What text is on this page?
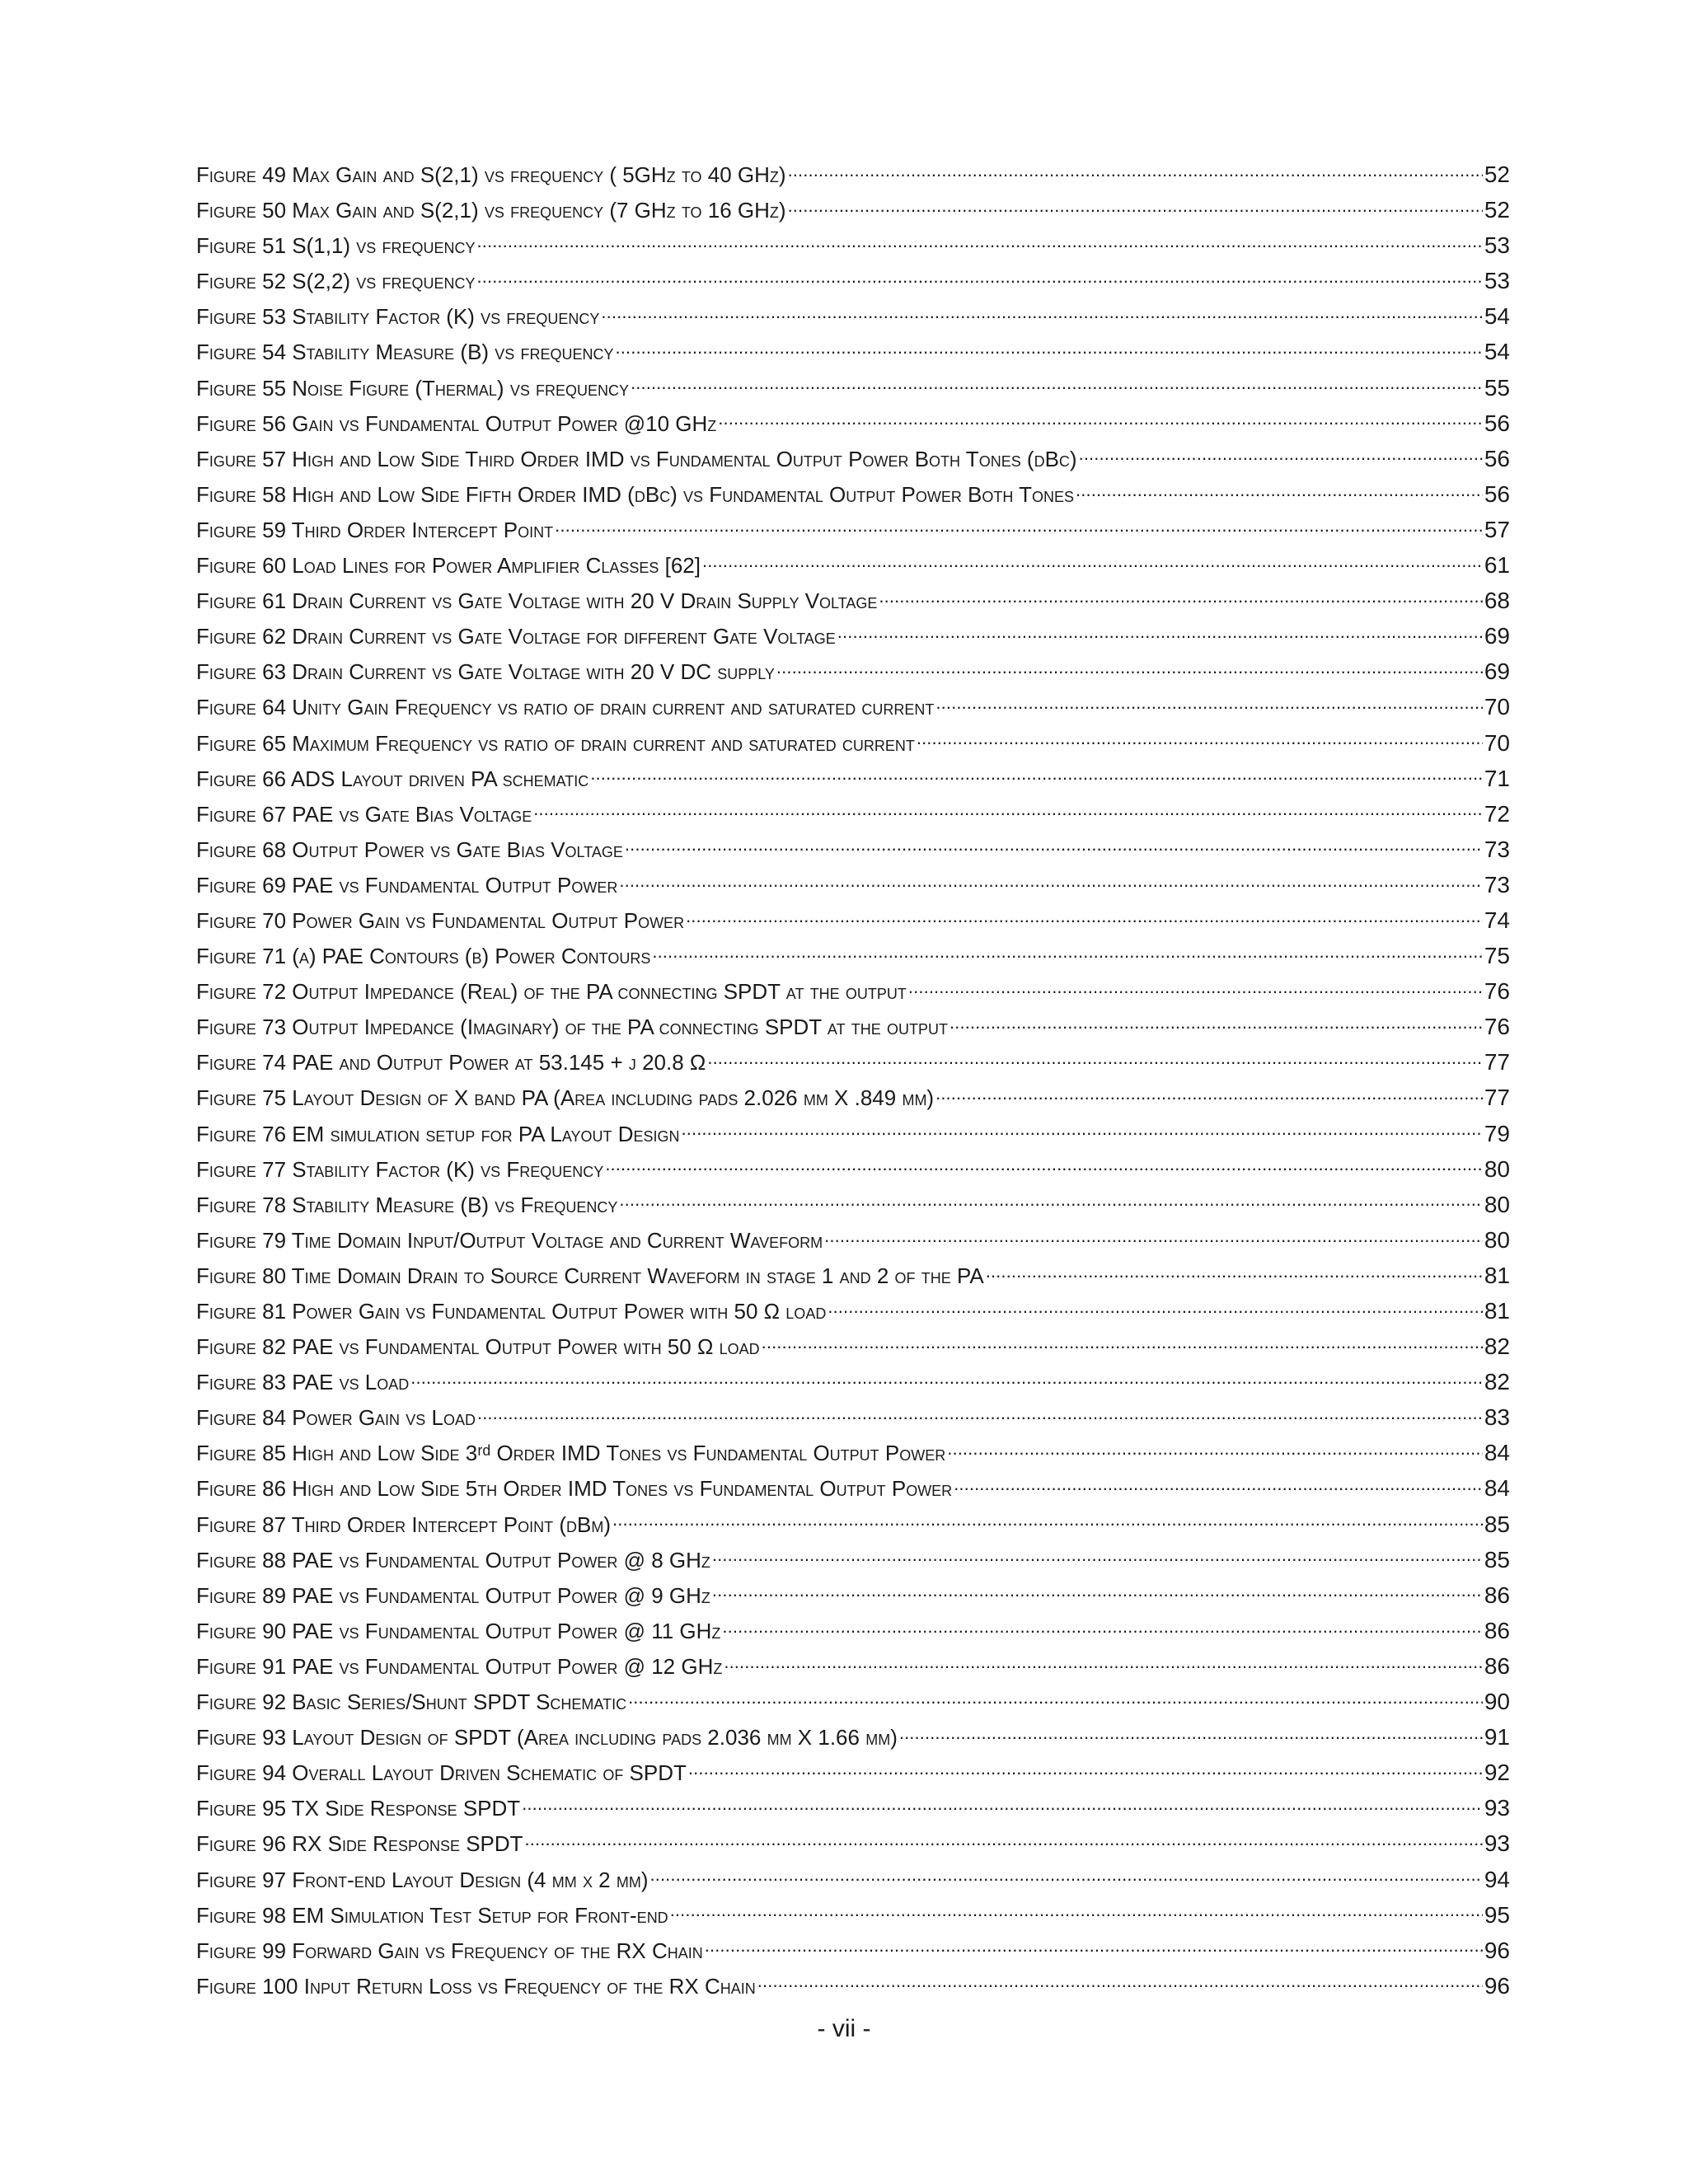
Figure 49 Max Gain and S(2,1) vs frequency ( 5GHz to 40 GHz) . . .	52
Figure 50 Max Gain and S(2,1) vs frequency (7 GHz to 16 GHz) . . .	52
Figure 51 S(1,1) vs frequency . . .	53
Figure 52 S(2,2) vs frequency . . .	53
Figure 53 Stability Factor (K) vs frequency . . .	54
Figure 54 Stability Measure (B) vs frequency . . .	54
Figure 55 Noise Figure (Thermal) vs frequency . . .	55
Figure 56 Gain vs Fundamental Output Power @10 GHz . . .	56
Figure 57 High and Low Side Third Order IMD vs Fundamental Output Power Both Tones (dBc) . . .	56
Figure 58 High and Low Side Fifth Order IMD (dBc) vs Fundamental Output Power Both Tones . . .	56
Figure 59 Third Order Intercept Point . . .	57
Figure 60 Load Lines for Power Amplifier Classes [62] . . .	61
Figure 61 Drain Current vs Gate Voltage with 20 V Drain Supply Voltage . . .	68
Figure 62 Drain Current vs Gate Voltage for different Gate Voltage . . .	69
Figure 63 Drain Current vs Gate Voltage with 20 V DC supply . . .	69
Figure 64 Unity Gain Frequency vs ratio of drain current and saturated current . . .	70
Figure 65 Maximum Frequency vs ratio of drain current and saturated current . . .	70
Figure 66 ADS Layout driven PA schematic . . .	71
Figure 67 PAE vs Gate Bias Voltage . . .	72
Figure 68 Output Power vs Gate Bias Voltage . . .	73
Figure 69 PAE vs Fundamental Output Power . . .	73
Figure 70 Power Gain vs Fundamental Output Power . . .	74
Figure 71 (a) PAE Contours (b) Power Contours . . .	75
Figure 72 Output Impedance (Real) of the PA connecting SPDT at the output . . .	76
Figure 73 Output Impedance (Imaginary) of the PA connecting SPDT at the output . . .	76
Figure 74 PAE and Output Power at 53.145 + j 20.8 Ω . . .	77
Figure 75 Layout Design of X band PA (Area including pads 2.026 mm X .849 mm) . . .	77
Figure 76 EM simulation setup for PA Layout Design . . .	79
Figure 77 Stability Factor (K) vs Frequency . . .	80
Figure 78 Stability Measure (B) vs Frequency . . .	80
Figure 79 Time Domain Input/Output Voltage and Current Waveform . . .	80
Figure 80 Time Domain Drain to Source Current Waveform in stage 1 and 2 of the PA . . .	81
Figure 81 Power Gain vs Fundamental Output Power with 50 Ω load . . .	81
Figure 82 PAE vs Fundamental Output Power with 50 Ω load . . .	82
Figure 83 PAE vs Load . . .	82
Figure 84 Power Gain vs Load . . .	83
Figure 85 High and Low Side 3ʳᵈ Order IMD Tones vs Fundamental Output Power . . .	84
Figure 86 High and Low Side 5th Order IMD Tones vs Fundamental Output Power . . .	84
Figure 87 Third Order Intercept Point (dBm) . . .	85
Figure 88 PAE vs Fundamental Output Power @ 8 GHz . . .	85
Figure 89 PAE vs Fundamental Output Power @ 9 GHz . . .	86
Figure 90 PAE vs Fundamental Output Power @ 11 GHz . . .	86
Figure 91 PAE vs Fundamental Output Power @ 12 GHz . . .	86
Figure 92 Basic Series/Shunt SPDT Schematic . . .	90
Figure 93 Layout Design of SPDT (Area including pads 2.036 mm X 1.66 mm) . . .	91
Figure 94 Overall Layout Driven Schematic of SPDT . . .	92
Figure 95 TX Side Response SPDT . . .	93
Figure 96 RX Side Response SPDT . . .	93
Figure 97 Front-end Layout Design (4 mm x 2 mm) . . .	94
Figure 98 EM Simulation Test Setup for Front-end . . .	95
Figure 99 Forward Gain vs Frequency of the RX Chain . . .	96
Figure 100 Input Return Loss vs Frequency of the RX Chain . . .	96
- vii -
